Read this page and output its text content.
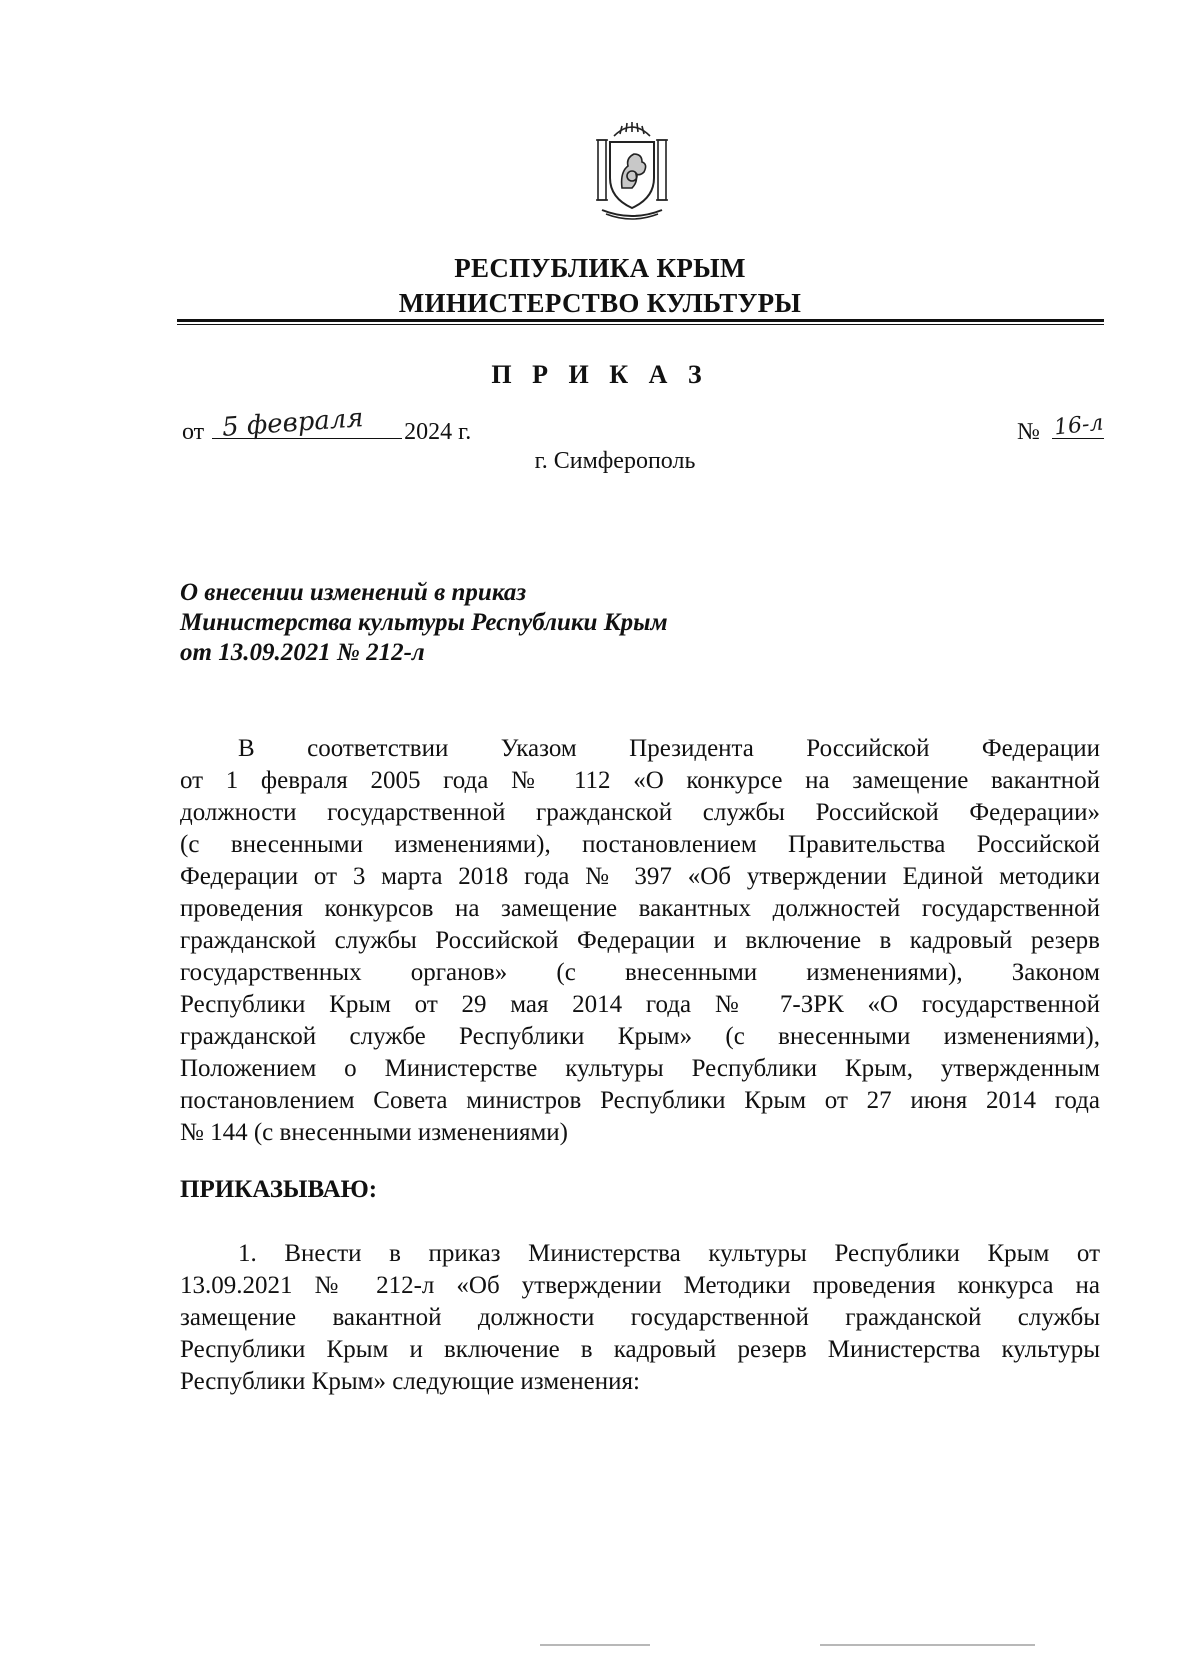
РЕСПУБЛИКА КРЫМ
МИНИСТЕРСТВО КУЛЬТУРЫ
П Р И К А З
от 5 февраля 2024 г.	№ 16-л
г. Симферополь
О внесении изменений в приказ
Министерства культуры Республики Крым
от 13.09.2021 № 212-л
В соответствии Указом Президента Российской Федерации
от 1 февраля 2005 года № 112 «О конкурсе на замещение вакантной
должности государственной гражданской службы Российской Федерации»
(с внесенными изменениями), постановлением Правительства Российской
Федерации от 3 марта 2018 года № 397 «Об утверждении Единой методики
проведения конкурсов на замещение вакантных должностей государственной
гражданской службы Российской Федерации и включение в кадровый резерв
государственных органов» (с внесенными изменениями), Законом
Республики Крым от 29 мая 2014 года № 7-ЗРК «О государственной
гражданской службе Республики Крым» (с внесенными изменениями),
Положением о Министерстве культуры Республики Крым, утвержденным
постановлением Совета министров Республики Крым от 27 июня 2014 года
№ 144 (с внесенными изменениями)
ПРИКАЗЫВАЮ:
1. Внести в приказ Министерства культуры Республики Крым от
13.09.2021 № 212-л «Об утверждении Методики проведения конкурса на
замещение вакантной должности государственной гражданской службы
Республики Крым и включение в кадровый резерв Министерства культуры
Республики Крым» следующие изменения:
